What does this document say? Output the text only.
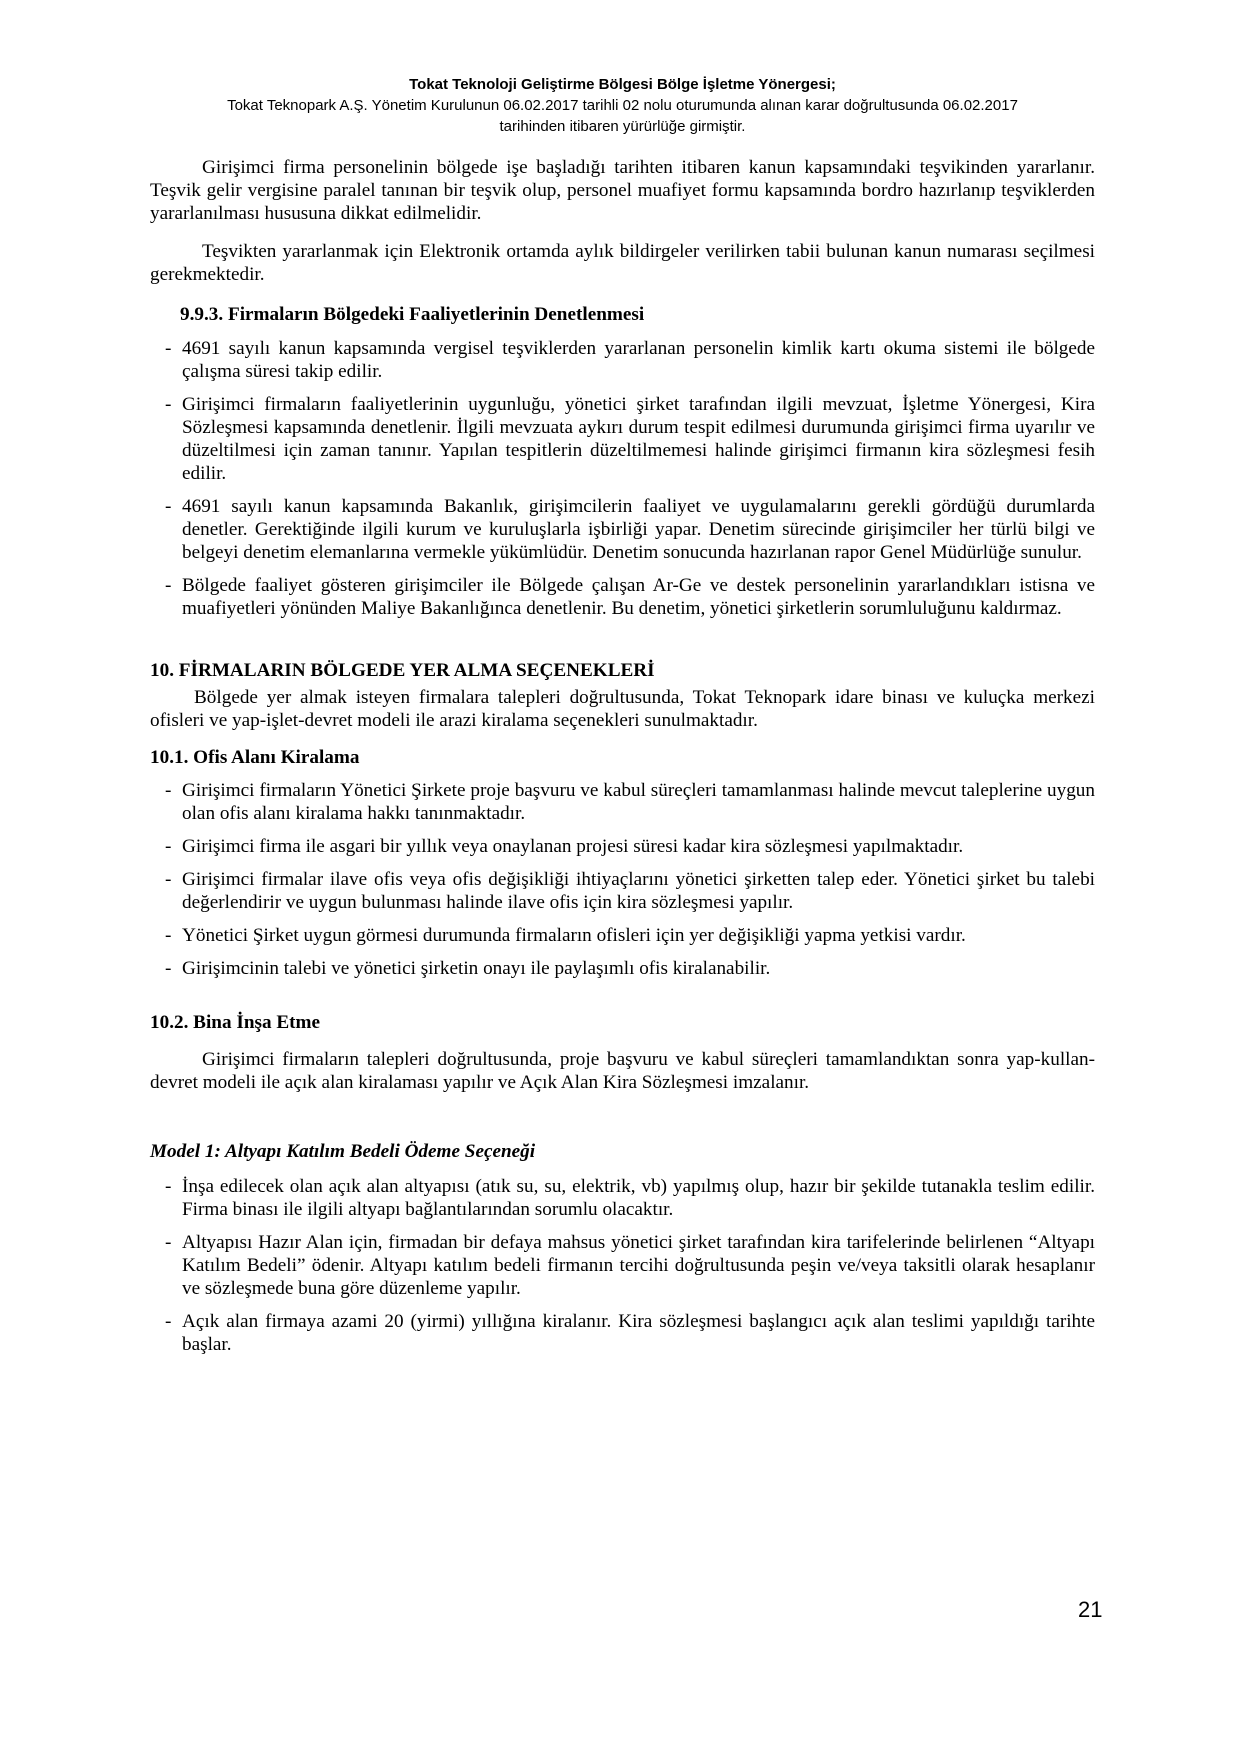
Tokat Teknoloji Geliştirme Bölgesi Bölge İşletme Yönergesi;
Tokat Teknopark A.Ş. Yönetim Kurulunun 06.02.2017 tarihli 02 nolu oturumunda alınan karar doğrultusunda 06.02.2017
tarihinden itibaren yürürlüğe girmiştir.

Girişimci firma personelinin bölgede işe başladığı tarihten itibaren kanun kapsamındaki teşvikinden yararlanır. Teşvik gelir vergisine paralel tanınan bir teşvik olup, personel muafiyet formu kapsamında bordro hazırlanıp teşviklerden yararlanılması hususuna dikkat edilmelidir.

Teşvikten yararlanmak için Elektronik ortamda aylık bildirgeler verilirken tabii bulunan kanun numarası seçilmesi gerekmektedir.

9.9.3. Firmaların Bölgedeki Faaliyetlerinin Denetlenmesi

- 4691 sayılı kanun kapsamında vergisel teşviklerden yararlanan personelin kimlik kartı okuma sistemi ile bölgede çalışma süresi takip edilir.
- Girişimci firmaların faaliyetlerinin uygunluğu, yönetici şirket tarafından ilgili mevzuat, İşletme Yönergesi, Kira Sözleşmesi kapsamında denetlenir. İlgili mevzuata aykırı durum tespit edilmesi durumunda girişimci firma uyarılır ve düzeltilmesi için zaman tanınır. Yapılan tespitlerin düzeltilmemesi halinde girişimci firmanın kira sözleşmesi fesih edilir.
- 4691 sayılı kanun kapsamında Bakanlık, girişimcilerin faaliyet ve uygulamalarını gerekli gördüğü durumlarda denetler. Gerektiğinde ilgili kurum ve kuruluşlarla işbirliği yapar. Denetim sürecinde girişimciler her türlü bilgi ve belgeyi denetim elemanlarına vermekle yükümlüdür. Denetim sonucunda hazırlanan rapor Genel Müdürlüğe sunulur.
- Bölgede faaliyet gösteren girişimciler ile Bölgede çalışan Ar-Ge ve destek personelinin yararlandıkları istisna ve muafiyetleri yönünden Maliye Bakanlığınca denetlenir. Bu denetim, yönetici şirketlerin sorumluluğunu kaldırmaz.

10. FİRMALARIN BÖLGEDE YER ALMA SEÇENEKLERİ

Bölgede yer almak isteyen firmalara talepleri doğrultusunda, Tokat Teknopark idare binası ve kuluçka merkezi ofisleri ve yap-işlet-devret modeli ile arazi kiralama seçenekleri sunulmaktadır.

10.1. Ofis Alanı Kiralama

- Girişimci firmaların Yönetici Şirkete proje başvuru ve kabul süreçleri tamamlanması halinde mevcut taleplerine uygun olan ofis alanı kiralama hakkı tanınmaktadır.
- Girişimci firma ile asgari bir yıllık veya onaylanan projesi süresi kadar kira sözleşmesi yapılmaktadır.
- Girişimci firmalar ilave ofis veya ofis değişikliği ihtiyaçlarını yönetici şirketten talep eder. Yönetici şirket bu talebi değerlendirir ve uygun bulunması halinde ilave ofis için kira sözleşmesi yapılır.
- Yönetici Şirket uygun görmesi durumunda firmaların ofisleri için yer değişikliği yapma yetkisi vardır.
- Girişimcinin talebi ve yönetici şirketin onayı ile paylaşımlı ofis kiralanabilir.

10.2. Bina İnşa Etme

Girişimci firmaların talepleri doğrultusunda, proje başvuru ve kabul süreçleri tamamlandıktan sonra yap-kullan-devret modeli ile açık alan kiralaması yapılır ve Açık Alan Kira Sözleşmesi imzalanır.

Model 1: Altyapı Katılım Bedeli Ödeme Seçeneği

- İnşa edilecek olan açık alan altyapısı (atık su, su, elektrik, vb) yapılmış olup, hazır bir şekilde tutanakla teslim edilir. Firma binası ile ilgili altyapı bağlantılarından sorumlu olacaktır.
- Altyapısı Hazır Alan için, firmadan bir defaya mahsus yönetici şirket tarafından kira tarifelerinde belirlenen “Altyapı Katılım Bedeli” ödenir. Altyapı katılım bedeli firmanın tercihi doğrultusunda peşin ve/veya taksitli olarak hesaplanır ve sözleşmede buna göre düzenleme yapılır.
- Açık alan firmaya azami 20 (yirmi) yıllığına kiralanır. Kira sözleşmesi başlangıcı açık alan teslimi yapıldığı tarihte başlar.
21
